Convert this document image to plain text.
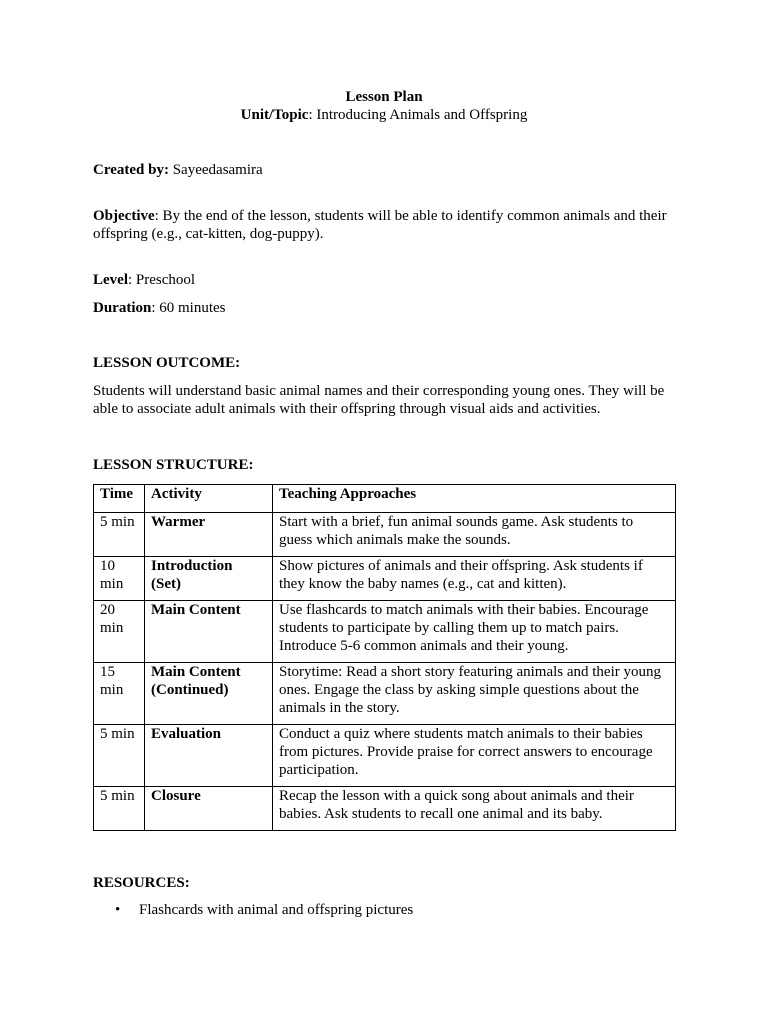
Lesson Plan
Unit/Topic: Introducing Animals and Offspring
Created by: Sayeedasamira
Objective: By the end of the lesson, students will be able to identify common animals and their offspring (e.g., cat-kitten, dog-puppy).
Level: Preschool
Duration: 60 minutes
LESSON OUTCOME:
Students will understand basic animal names and their corresponding young ones. They will be able to associate adult animals with their offspring through visual aids and activities.
LESSON STRUCTURE:
Time	Activity	Teaching Approaches
5 min	Warmer	Start with a brief, fun animal sounds game. Ask students to guess which animals make the sounds.
10 min	Introduction (Set)	Show pictures of animals and their offspring. Ask students if they know the baby names (e.g., cat and kitten).
20 min	Main Content	Use flashcards to match animals with their babies. Encourage students to participate by calling them up to match pairs. Introduce 5-6 common animals and their young.
15 min	Main Content (Continued)	Storytime: Read a short story featuring animals and their young ones. Engage the class by asking simple questions about the animals in the story.
5 min	Evaluation	Conduct a quiz where students match animals to their babies from pictures. Provide praise for correct answers to encourage participation.
5 min	Closure	Recap the lesson with a quick song about animals and their babies. Ask students to recall one animal and its baby.
RESOURCES:
• Flashcards with animal and offspring pictures
